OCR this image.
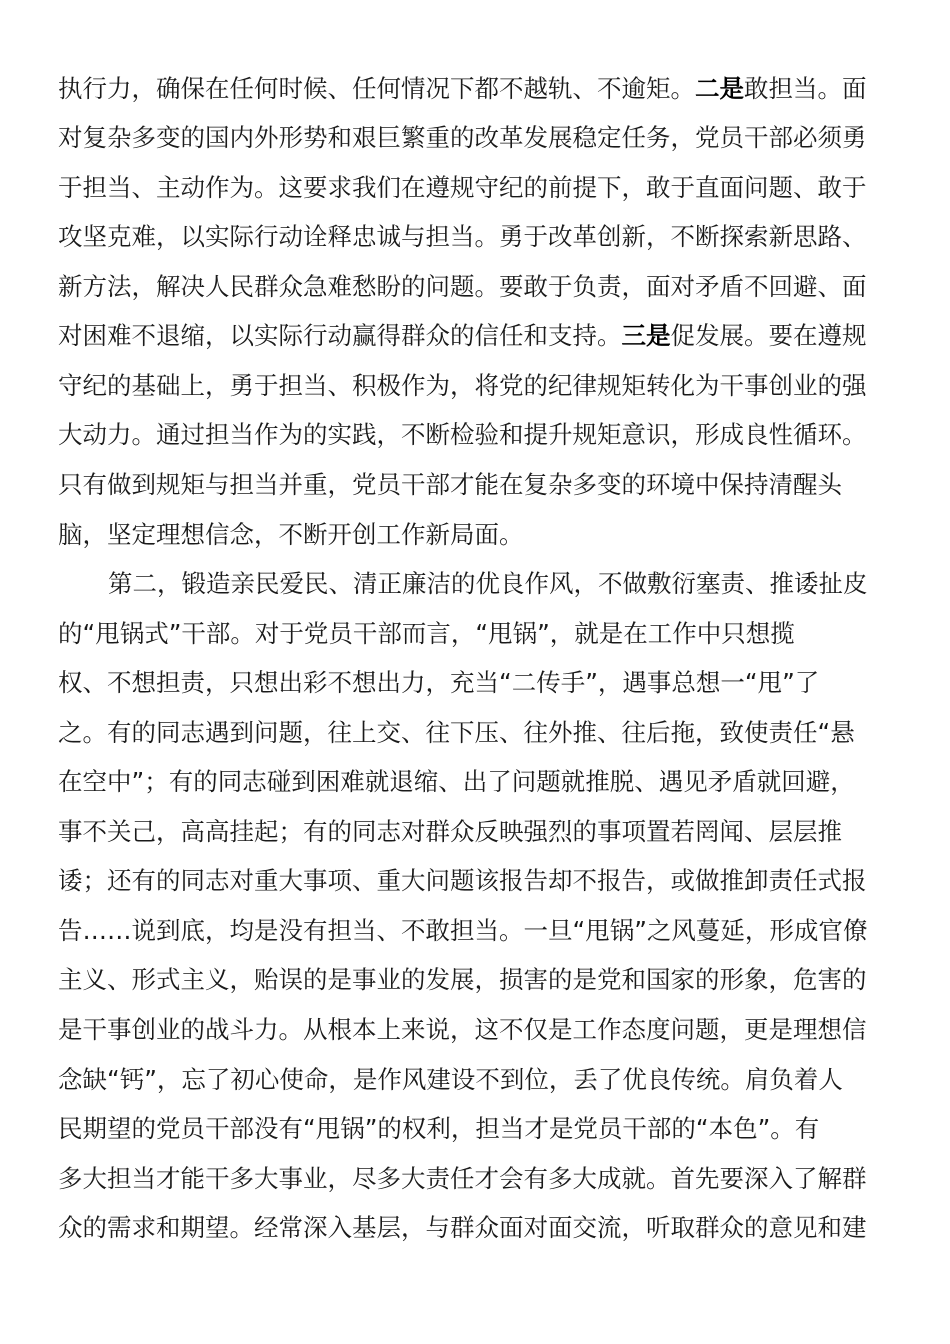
执行力，确保在任何时候、任何情况下都不越轨、不逾矩。二是敢担当。面
对复杂多变的国内外形势和艰巨繁重的改革发展稳定任务，党员干部必须勇
于担当、主动作为。这要求我们在遵规守纪的前提下，敢于直面问题、敢于
攻坚克难，以实际行动诠释忠诚与担当。勇于改革创新，不断探索新思路、
新方法，解决人民群众急难愁盼的问题。要敢于负责，面对矛盾不回避、面
对困难不退缩，以实际行动赢得群众的信任和支持。三是促发展。要在遵规
守纪的基础上，勇于担当、积极作为，将党的纪律规矩转化为干事创业的强
大动力。通过担当作为的实践，不断检验和提升规矩意识，形成良性循环。
只有做到规矩与担当并重，党员干部才能在复杂多变的环境中保持清醒头
脑，坚定理想信念，不断开创工作新局面。
第二，锻造亲民爱民、清正廉洁的优良作风，不做敷衍塞责、推诿扯皮
的“甩锅式”干部。对于党员干部而言，“甩锅”，就是在工作中只想揽
权、不想担责，只想出彩不想出力，充当“二传手”，遇事总想一“甩”了
之。有的同志遇到问题，往上交、往下压、往外推、往后拖，致使责任“悬
在空中”；有的同志碰到困难就退缩、出了问题就推脱、遇见矛盾就回避，
事不关己，高高挂起；有的同志对群众反映强烈的事项置若罔闻、层层推
诿；还有的同志对重大事项、重大问题该报告却不报告，或做推卸责任式报
告……说到底，均是没有担当、不敢担当。一旦“甩锅”之风蔓延，形成官僚
主义、形式主义，贻误的是事业的发展，损害的是党和国家的形象，危害的
是干事创业的战斗力。从根本上来说，这不仅是工作态度问题，更是理想信
念缺“钙”，忘了初心使命，是作风建设不到位，丢了优良传统。肩负着人
民期望的党员干部没有“甩锅”的权利，担当才是党员干部的“本色”。有
多大担当才能干多大事业，尽多大责任才会有多大成就。首先要深入了解群
众的需求和期望。经常深入基层，与群众面对面交流，听取群众的意见和建
